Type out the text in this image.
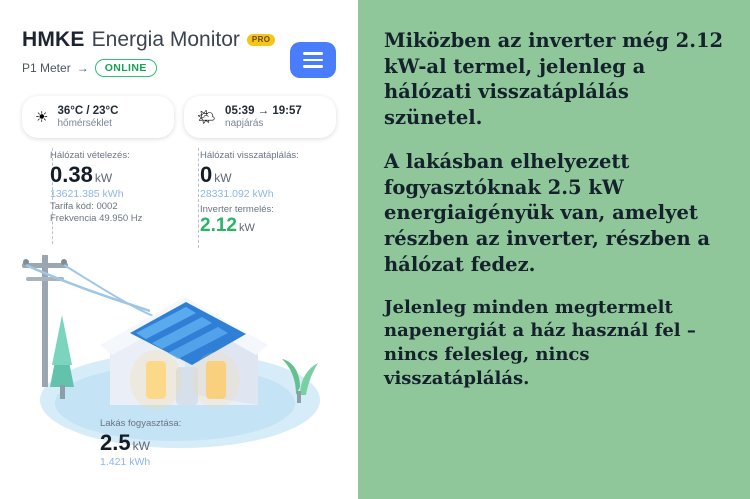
HMKE Energia Monitor	PRO
P1 Meter →	ONLINE
☀ 36°C / 23°C
hőmérséklet	🌤 05:39 → 19:57
napjárás
Hálózati vételezés:
0.38 kW
13621.385 kWh
Tarifa kód: 0002
Frekvencia 49.950 Hz
Hálózati visszatáplálás:
0 kW
28331.092 kWh
Inverter termelés:
2.12 kW
Lakás fogyasztása:
2.5 kW
1.421 kWh

Miközben az inverter még 2.12 kW-al termel, jelenleg a hálózati visszatáplálás szünetel.

A lakásban elhelyezett fogyasztóknak 2.5 kW energiaigényük van, amelyet részben az inverter, részben a hálózat fedez.

Jelenleg minden megtermelt napenergiát a ház használ fel – nincs felesleg, nincs visszatáplálás.
